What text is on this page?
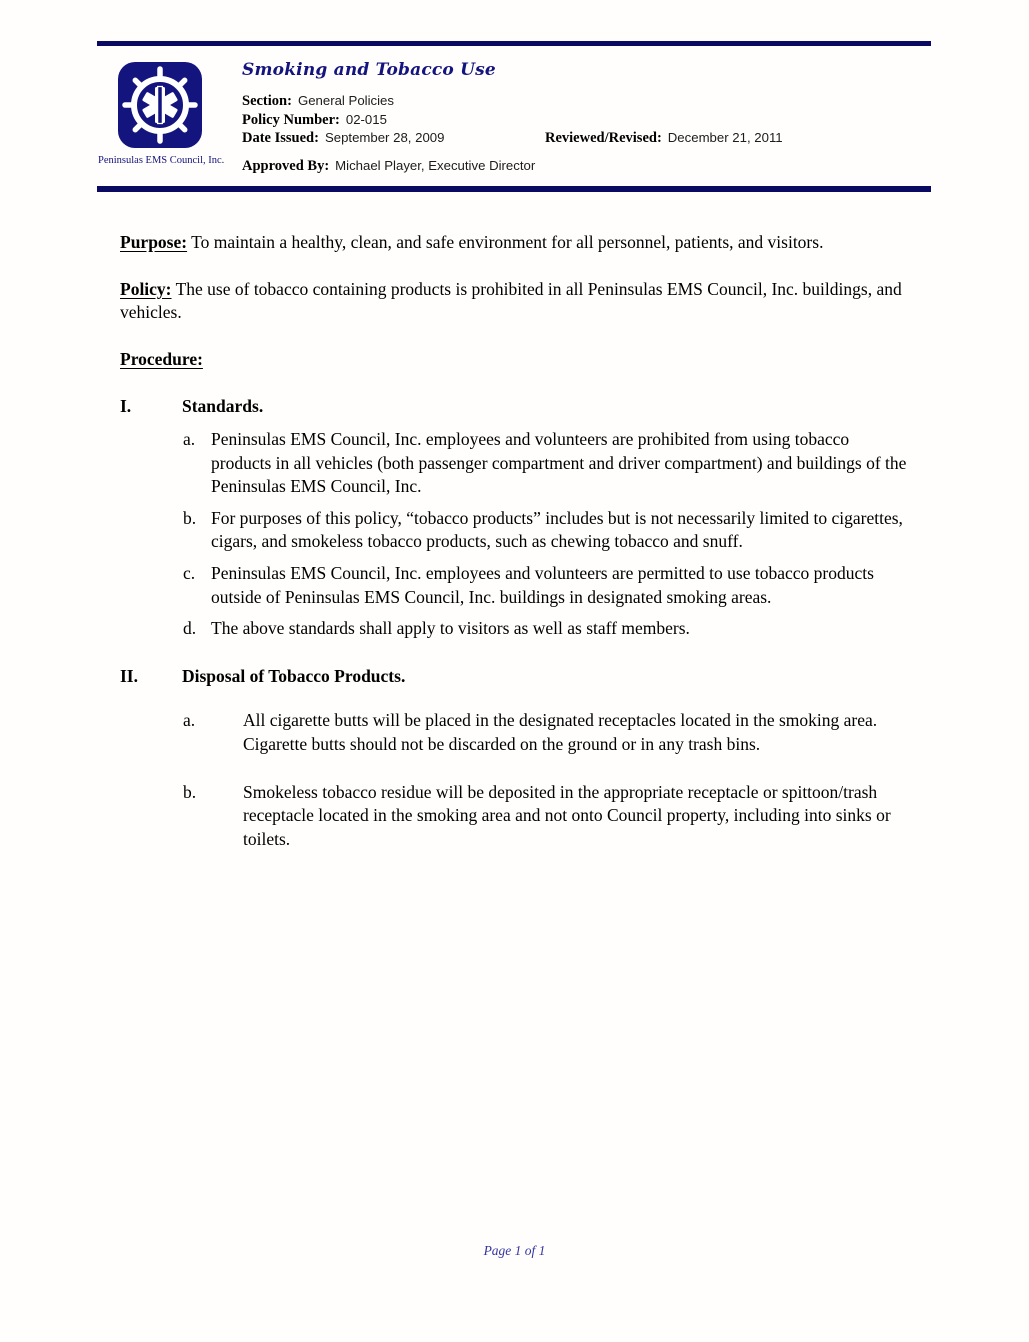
Peninsulas EMS Council, Inc.
Smoking and Tobacco Use
Section: General Policies
Policy Number: 02-015
Date Issued: September 28, 2009	Reviewed/Revised: December 21, 2011
Approved By: Michael Player, Executive Director

Purpose: To maintain a healthy, clean, and safe environment for all personnel, patients, and visitors.

Policy: The use of tobacco containing products is prohibited in all Peninsulas EMS Council, Inc. buildings, and vehicles.

Procedure:

I.	Standards.
a. Peninsulas EMS Council, Inc. employees and volunteers are prohibited from using tobacco products in all vehicles (both passenger compartment and driver compartment) and buildings of the Peninsulas EMS Council, Inc.
b. For purposes of this policy, “tobacco products” includes but is not necessarily limited to cigarettes, cigars, and smokeless tobacco products, such as chewing tobacco and snuff.
c. Peninsulas EMS Council, Inc. employees and volunteers are permitted to use tobacco products outside of Peninsulas EMS Council, Inc. buildings in designated smoking areas.
d. The above standards shall apply to visitors as well as staff members.
II.	Disposal of Tobacco Products.
a.	All cigarette butts will be placed in the designated receptacles located in the smoking area. Cigarette butts should not be discarded on the ground or in any trash bins.
b.	Smokeless tobacco residue will be deposited in the appropriate receptacle or spittoon/trash receptacle located in the smoking area and not onto Council property, including into sinks or toilets.
Page 1 of 1
